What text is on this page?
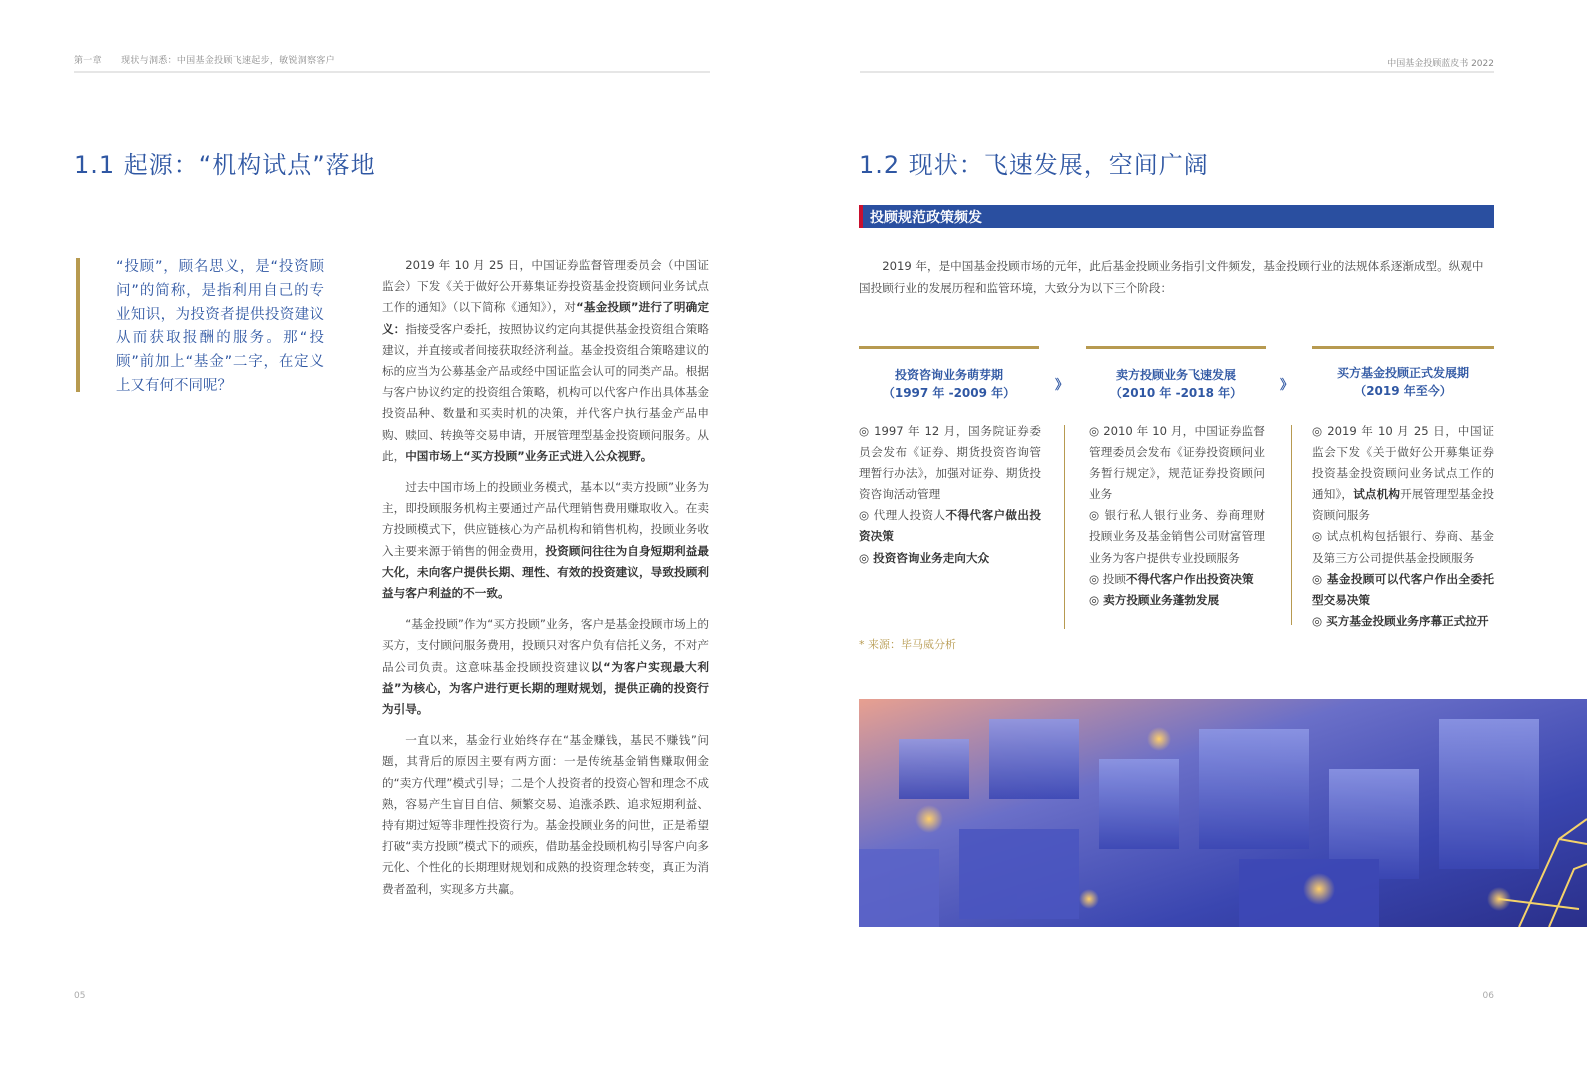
第一章 现状与洞悉：中国基金投顾飞速起步，敏锐洞察客户	中国基金投顾蓝皮书 2022
1.1 起源：“机构试点”落地
“投顾”，顾名思义，是“投资顾问”的简称，是指利用自己的专业知识，为投资者提供投资建议从而获取报酬的服务。那“投顾”前加上“基金”二字，在定义上又有何不同呢？

2019 年 10 月 25 日，中国证券监督管理委员会（中国证监会）下发《关于做好公开募集证券投资基金投资顾问业务试点工作的通知》（以下简称《通知》），对“基金投顾”进行了明确定义：指接受客户委托，按照协议约定向其提供基金投资组合策略建议，并直接或者间接获取经济利益。基金投资组合策略建议的标的应当为公募基金产品或经中国证监会认可的同类产品。根据与客户协议约定的投资组合策略，机构可以代客户作出具体基金投资品种、数量和买卖时机的决策，并代客户执行基金产品申购、赎回、转换等交易申请，开展管理型基金投资顾问服务。从此，中国市场上“买方投顾”业务正式进入公众视野。

过去中国市场上的投顾业务模式，基本以“卖方投顾”业务为主，即投顾服务机构主要通过产品代理销售费用赚取收入。在卖方投顾模式下，供应链核心为产品机构和销售机构，投顾业务收入主要来源于销售的佣金费用，投资顾问往往为自身短期利益最大化，未向客户提供长期、理性、有效的投资建议，导致投顾利益与客户利益的不一致。

“基金投顾”作为“买方投顾”业务，客户是基金投顾市场上的买方，支付顾问服务费用，投顾只对客户负有信托义务，不对产品公司负责。这意味基金投顾投资建议以“为客户实现最大利益”为核心，为客户进行更长期的理财规划，提供正确的投资行为引导。

一直以来，基金行业始终存在“基金赚钱，基民不赚钱”问题，其背后的原因主要有两方面：一是传统基金销售赚取佣金的“卖方代理”模式引导；二是个人投资者的投资心智和理念不成熟，容易产生盲目自信、频繁交易、追涨杀跌、追求短期利益、持有期过短等非理性投资行为。基金投顾业务的问世，正是希望打破“卖方投顾”模式下的顽疾，借助基金投顾机构引导客户向多元化、个性化的长期理财规划和成熟的投资理念转变，真正为消费者盈利，实现多方共赢。

1.2 现状：飞速发展，空间广阔
投顾规范政策频发

2019 年，是中国基金投顾市场的元年，此后基金投顾业务指引文件频发，基金投顾行业的法规体系逐渐成型。纵观中国投顾行业的发展历程和监管环境，大致分为以下三个阶段：

投资咨询业务萌芽期
（1997 年 -2009 年）	》
◎ 1997 年 12 月，国务院证券委员会发布《证券、期货投资咨询管理暂行办法》，加强对证券、期货投资咨询活动管理
◎ 代理人投资人不得代客户做出投资决策
◎ 投资咨询业务走向大众
卖方投顾业务飞速发展
（2010 年 -2018 年）	》
◎ 2010 年 10 月，中国证券监督管理委员会发布《证券投资顾问业务暂行规定》，规范证券投资顾问业务
◎ 银行私人银行业务、券商理财投顾业务及基金销售公司财富管理业务为客户提供专业投顾服务
◎ 投顾不得代客户作出投资决策
◎ 卖方投顾业务蓬勃发展
买方基金投顾正式发展期
（2019 年至今）
◎ 2019 年 10 月 25 日，中国证监会下发《关于做好公开募集证券投资基金投资顾问业务试点工作的通知》，试点机构开展管理型基金投资顾问服务
◎ 试点机构包括银行、券商、基金及第三方公司提供基金投顾服务
◎ 基金投顾可以代客户作出全委托型交易决策
◎ 买方基金投顾业务序幕正式拉开
* 来源：毕马威分析
05	06
